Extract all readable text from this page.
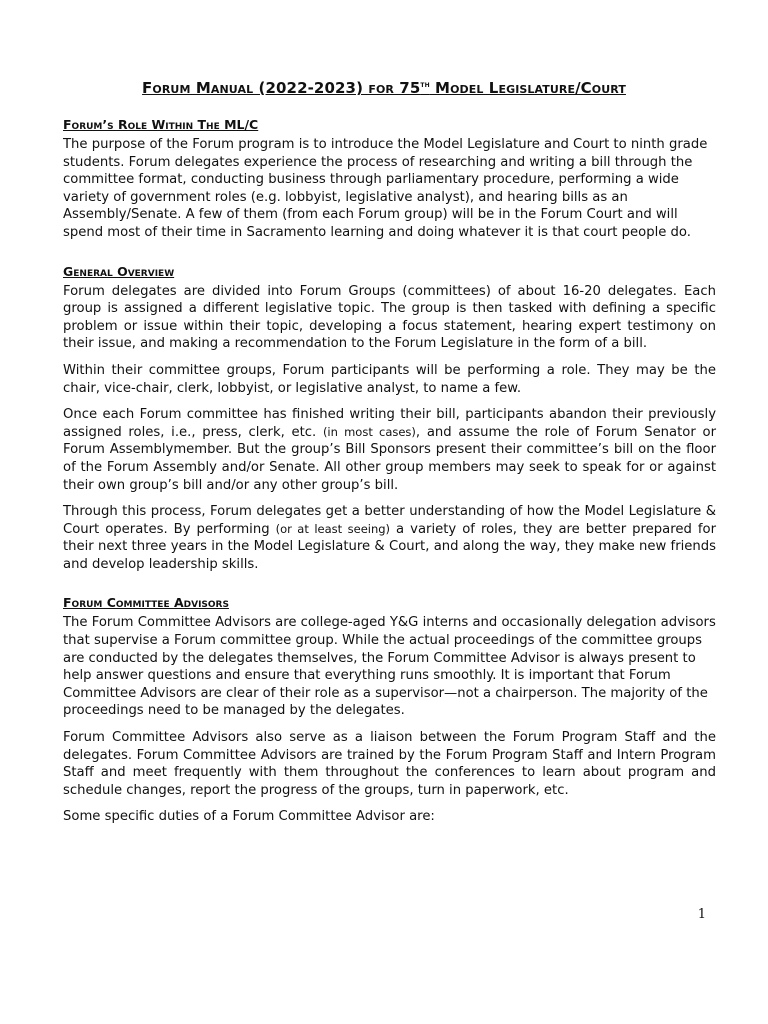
Forum Manual (2022-2023) for 75th Model Legislature/Court
Forum’s Role Within The ML/C

The purpose of the Forum program is to introduce the Model Legislature and Court to ninth grade students. Forum delegates experience the process of researching and writing a bill through the committee format, conducting business through parliamentary procedure, performing a wide variety of government roles (e.g. lobbyist, legislative analyst), and hearing bills as an Assembly/Senate. A few of them (from each Forum group) will be in the Forum Court and will spend most of their time in Sacramento learning and doing whatever it is that court people do.

General Overview

Forum delegates are divided into Forum Groups (committees) of about 16-20 delegates. Each group is assigned a different legislative topic. The group is then tasked with defining a specific problem or issue within their topic, developing a focus statement, hearing expert testimony on their issue, and making a recommendation to the Forum Legislature in the form of a bill.

Within their committee groups, Forum participants will be performing a role. They may be the chair, vice-chair, clerk, lobbyist, or legislative analyst, to name a few.

Once each Forum committee has finished writing their bill, participants abandon their previously assigned roles, i.e., press, clerk, etc. (in most cases), and assume the role of Forum Senator or Forum Assemblymember. But the group’s Bill Sponsors present their committee’s bill on the floor of the Forum Assembly and/or Senate. All other group members may seek to speak for or against their own group’s bill and/or any other group’s bill.

Through this process, Forum delegates get a better understanding of how the Model Legislature & Court operates. By performing (or at least seeing) a variety of roles, they are better prepared for their next three years in the Model Legislature & Court, and along the way, they make new friends and develop leadership skills.

Forum Committee Advisors

The Forum Committee Advisors are college-aged Y&G interns and occasionally delegation advisors that supervise a Forum committee group. While the actual proceedings of the committee groups are conducted by the delegates themselves, the Forum Committee Advisor is always present to help answer questions and ensure that everything runs smoothly. It is important that Forum Committee Advisors are clear of their role as a supervisor—not a chairperson. The majority of the proceedings need to be managed by the delegates.

Forum Committee Advisors also serve as a liaison between the Forum Program Staff and the delegates. Forum Committee Advisors are trained by the Forum Program Staff and Intern Program Staff and meet frequently with them throughout the conferences to learn about program and schedule changes, report the progress of the groups, turn in paperwork, etc.

Some specific duties of a Forum Committee Advisor are:

1
